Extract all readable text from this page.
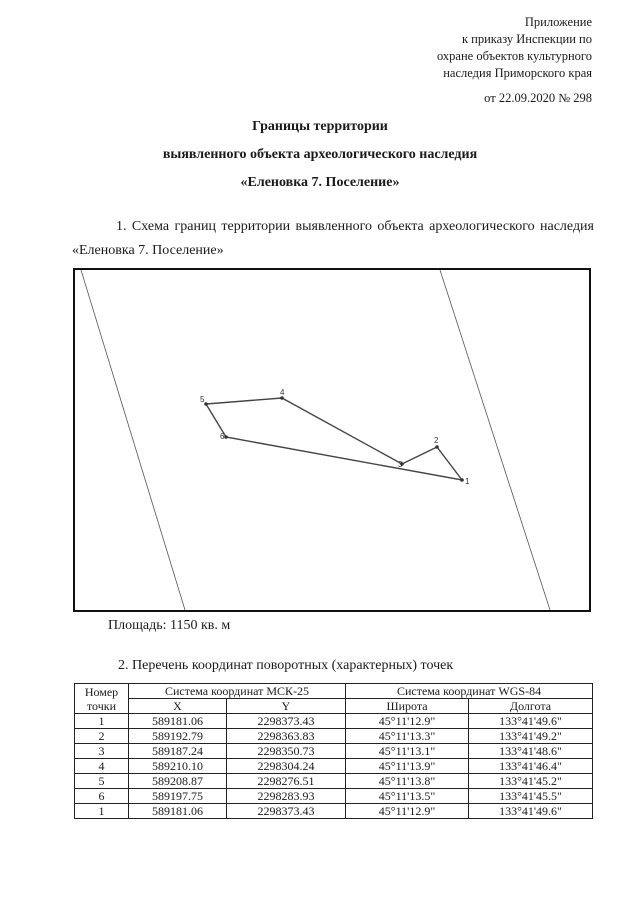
Приложение
к приказу Инспекции по
охране объектов культурного
наследия Приморского края
от 22.09.2020 № 298
Границы территории
выявленного объекта археологического наследия
«Еленовка 7. Поселение»
1. Схема границ территории выявленного объекта археологического наследия «Еленовка 7. Поселение»
1
2
3
4
5
6
Площадь: 1150 кв. м
2. Перечень координат поворотных (характерных) точек
Номер
точки	Система координат МСК-25		Система координат WGS-84	
	X	Y	Широта	Долгота
1	589181.06	2298373.43	45°11'12.9"	133°41'49.6"
2	589192.79	2298363.83	45°11'13.3"	133°41'49.2"
3	589187.24	2298350.73	45°11'13.1"	133°41'48.6"
4	589210.10	2298304.24	45°11'13.9"	133°41'46.4"
5	589208.87	2298276.51	45°11'13.8"	133°41'45.2"
6	589197.75	2298283.93	45°11'13.5"	133°41'45.5"
1	589181.06	2298373.43	45°11'12.9"	133°41'49.6"
